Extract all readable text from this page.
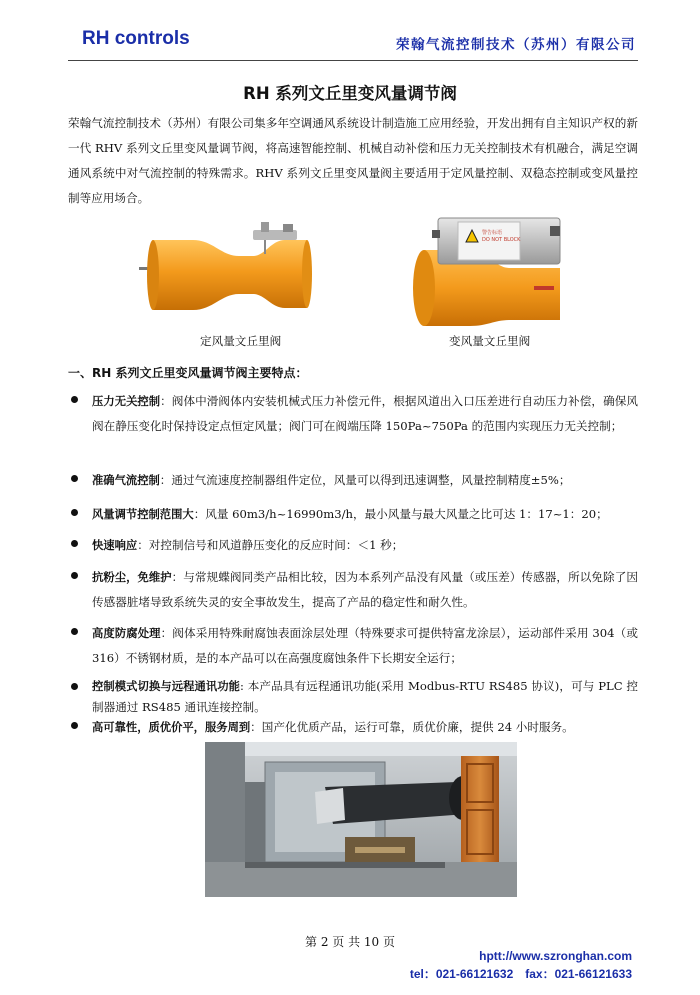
RH controls	荣翰气流控制技术（苏州）有限公司
RH 系列文丘里变风量调节阀
荣翰气流控制技术（苏州）有限公司集多年空调通风系统设计制造施工应用经验，开发出拥有自主知识产权的新一代 RHV 系列文丘里变风量调节阀，将高速智能控制、机械自动补偿和压力无关控制技术有机融合，满足空调通风系统中对气流控制的特殊需求。RHV 系列文丘里变风量阀主要适用于定风量控制、双稳态控制或变风量控制等应用场合。
警告标语
DO NOT BLOCK
定风量文丘里阀	变风量文丘里阀
一、RH 系列文丘里变风量调节阀主要特点：
压力无关控制：阀体中滑阀体内安装机械式压力补偿元件，根据风道出入口压差进行自动压力补偿，确保风阀在静压变化时保持设定点恒定风量；阀门可在阀端压降 150Pa~750Pa 的范围内实现压力无关控制；
准确气流控制：通过气流速度控制器组件定位，风量可以得到迅速调整，风量控制精度±5%；
风量调节控制范围大：风量 60m3/h~16990m3/h，最小风量与最大风量之比可达 1：17~1：20；
快速响应：对控制信号和风道静压变化的反应时间：＜1 秒；
抗粉尘，免维护：与常规蝶阀同类产品相比较，因为本系列产品没有风量（或压差）传感器，所以免除了因传感器脏堵导致系统失灵的安全事故发生，提高了产品的稳定性和耐久性。
高度防腐处理：阀体采用特殊耐腐蚀表面涂层处理（特殊要求可提供特富龙涂层），运动部件采用 304（或 316）不锈钢材质，是的本产品可以在高强度腐蚀条件下长期安全运行；
控制模式切换与远程通讯功能: 本产品具有远程通讯功能(采用 Modbus-RTU RS485 协议)，可与 PLC 控制器通过 RS485 通讯连接控制。
高可靠性，质优价平，服务周到：国产化优质产品，运行可靠，质优价廉，提供 24 小时服务。
第 2 页 共 10 页
hptt://www.szronghan.com
tel：021-66121632　fax：021-66121633
